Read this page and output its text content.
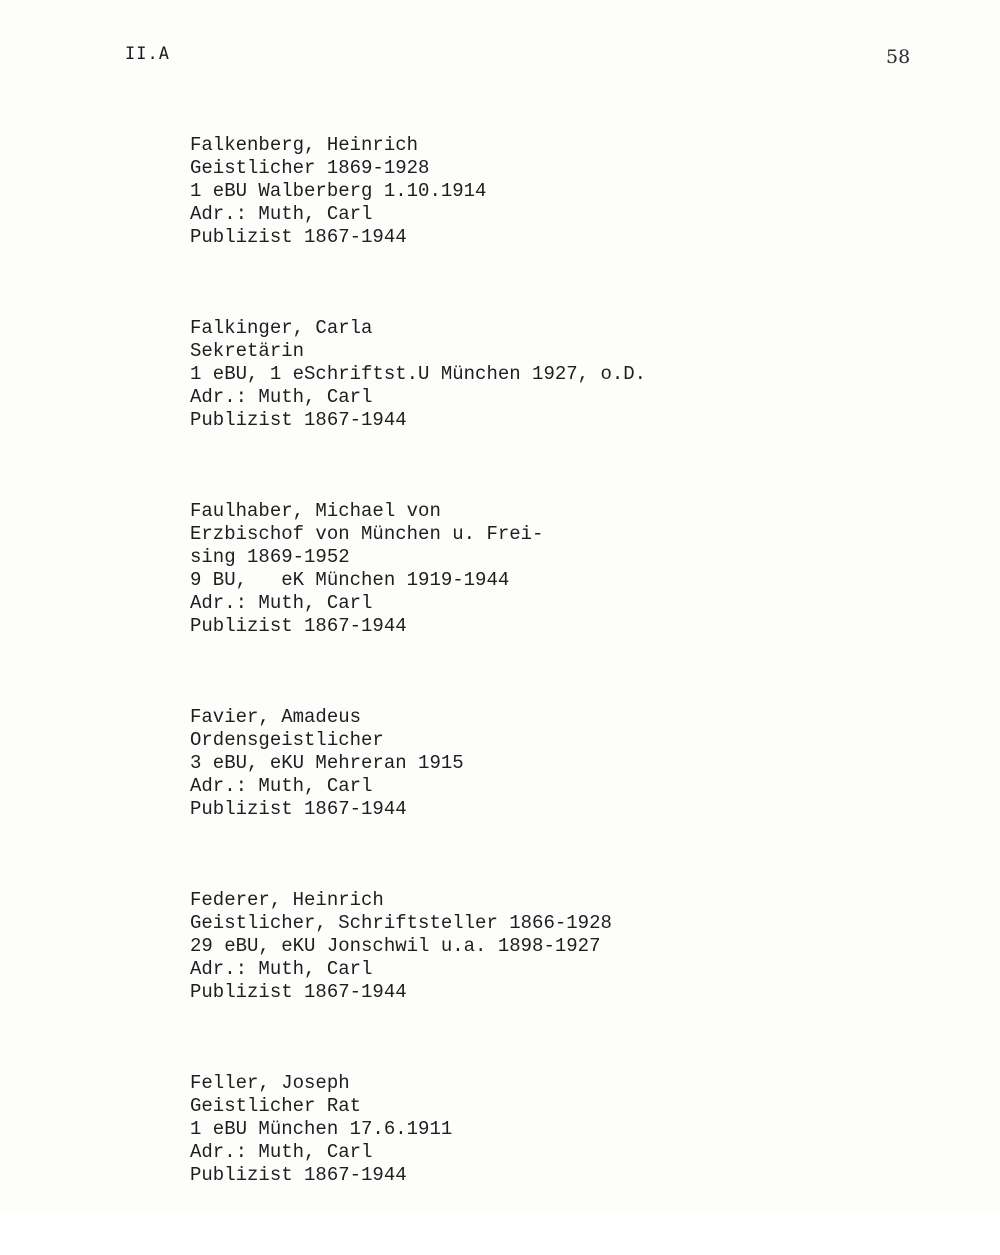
II.A	58
Falkenberg, Heinrich
Geistlicher 1869-1928
1 eBU Walberberg 1.10.1914
Adr.: Muth, Carl
Publizist 1867-1944
Falkinger, Carla
Sekretärin
1 eBU, 1 eSchriftst.U München 1927, o.D.
Adr.: Muth, Carl
Publizist 1867-1944
Faulhaber, Michael von
Erzbischof von München u. Frei-
sing 1869-1952
9 BU,   eK München 1919-1944
Adr.: Muth, Carl
Publizist 1867-1944
Favier, Amadeus
Ordensgeistlicher
3 eBU, eKU Mehreran 1915
Adr.: Muth, Carl
Publizist 1867-1944
Federer, Heinrich
Geistlicher, Schriftsteller 1866-1928
29 eBU, eKU Jonschwil u.a. 1898-1927
Adr.: Muth, Carl
Publizist 1867-1944
Feller, Joseph
Geistlicher Rat
1 eBU München 17.6.1911
Adr.: Muth, Carl
Publizist 1867-1944
